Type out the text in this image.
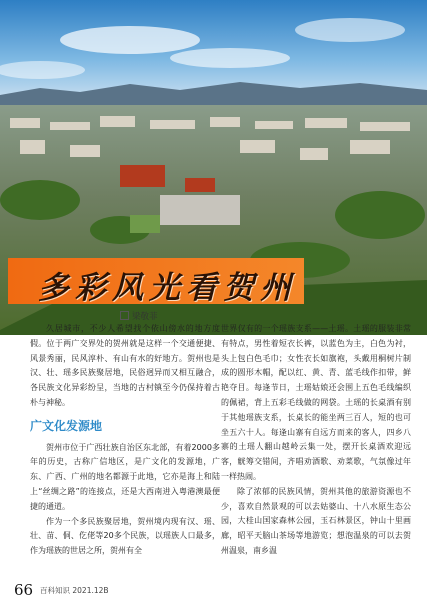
多彩风光看贺州
梁敬菲

久居城市，不少人希望找个依山傍水的地方度假。位于两广交界处的贺州就是这样一个交通便捷、风景秀丽，民风淳朴、有山有水的好地方。贺州也是汉、壮、瑶多民族聚居地，民俗迥异而又相互融合，各民族文化异彩纷呈，当地的古村镇至今仍保持着古朴与神秘。

广文化发源地

贺州市位于广西壮族自治区东北部，有着2000多年的历史，古称广信地区，是广文化的发源地，广东、广西、广州的地名都源于此地，它亦是海上和陆上“丝绸之路”的连接点，还是大西南进入粤港澳最便捷的通道。

作为一个多民族聚居地，贺州境内现有汉、瑶、壮、苗、侗、仡佬等20多个民族，以瑶族人口最多，作为瑶族的世居之所，贺州有全

世界仅有的一个瑶族支系——土瑶。土瑶的服装非常有特点，男性着短衣长裤，以蓝色为主，白色为衬，头上包白色毛巾；女性衣长如旗袍，头戴用桐树片制成的圆形木帽，配以红、黄、青、蓝毛线作扣带，鲜艳夺目。每逢节日，土瑶姑娘还会围上五色毛线编织的佩裙，背上五彩毛线做的网袋。土瑶的长桌酒有别于其他瑶族支系，长桌长的能坐两三百人，短的也可坐五六十人。每逢山寨有自远方而来的客人，四乡八寨的土瑶人翻山越岭云集一处，摆开长桌酒欢迎远客，觥筹交错间，齐唱劝酒歌、劝菜歌，气氛像过年一样热闹。

除了浓郁的民族风情，贺州其他的旅游资源也不少，喜欢自然景观的可以去姑婆山、十八水原生态公园，大桂山国家森林公园，玉石林景区，钟山十里画廊，昭平天脑山茶场等地游览；想泡温泉的可以去贺州温泉，南乡温

66 百科知识 2021.12B
